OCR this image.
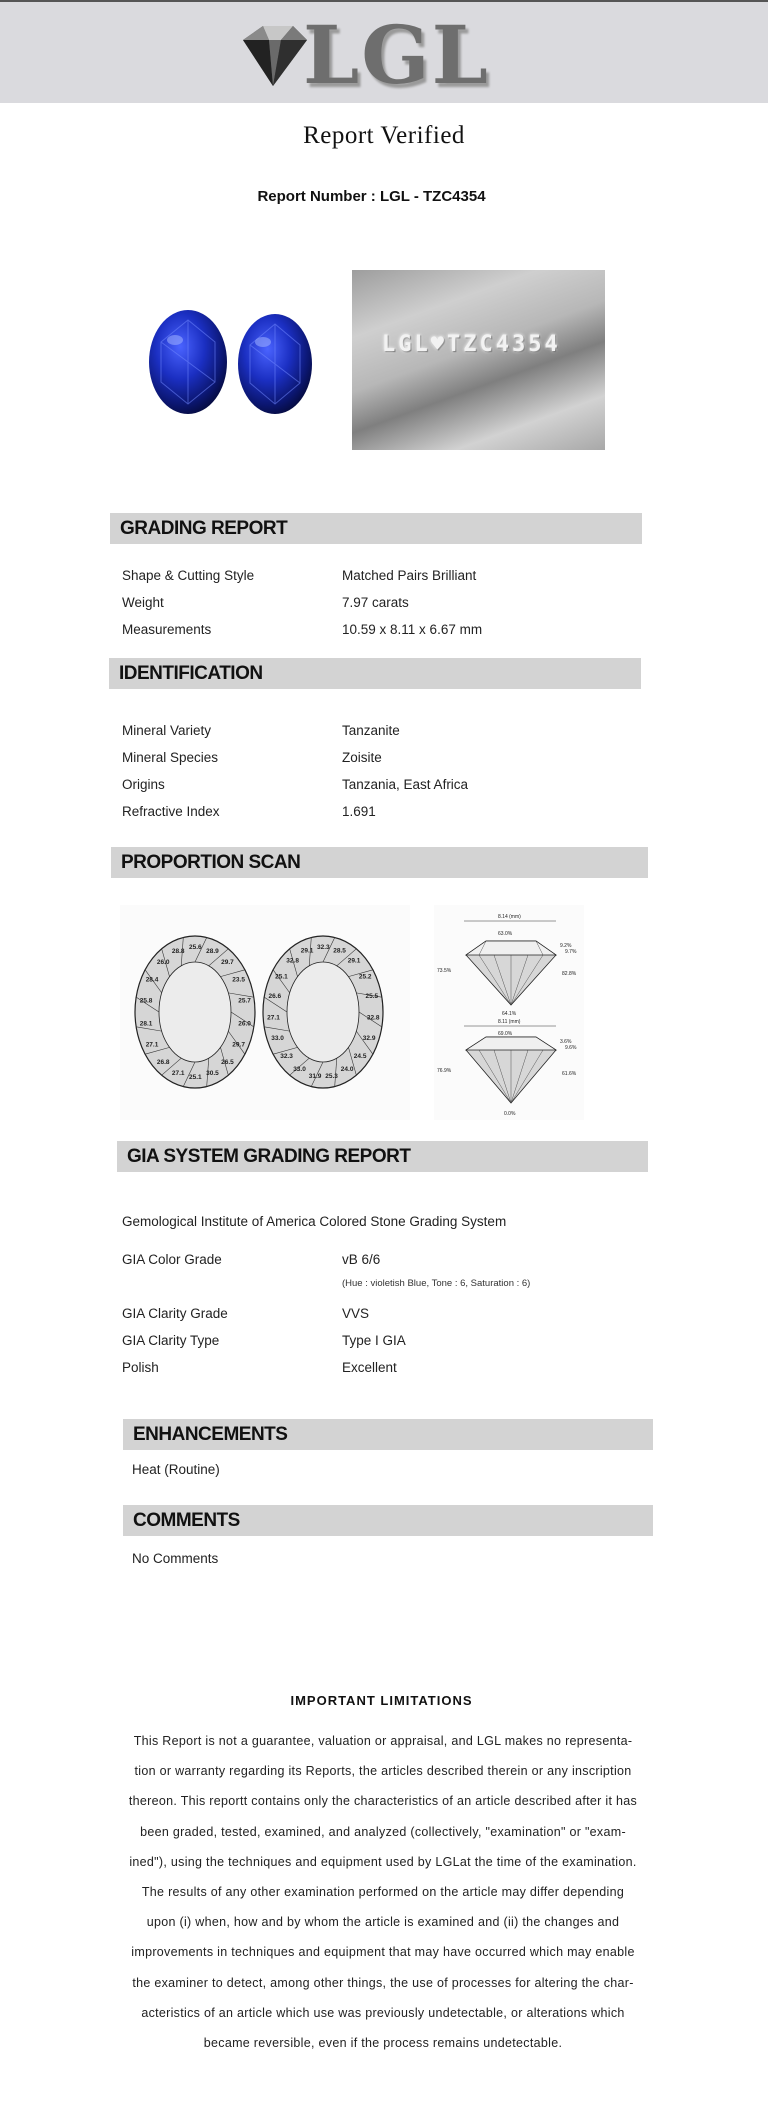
LGL
Report Verified
Report Number : LGL - TZC4354
LGL♥TZC4354
GRADING REPORT
Shape & Cutting Style	Matched Pairs Brilliant
Weight	7.97 carats
Measurements	10.59 x 8.11 x 6.67 mm
IDENTIFICATION
Mineral Variety	Tanzanite
Mineral Species	Zoisite
Origins	Tanzania, East Africa
Refractive Index	1.691
PROPORTION SCAN
25.6
28.9
29.7
23.5
25.7
26.0
29.7
26.5
30.5
25.1
27.1
26.8
27.1
28.1
25.8
28.4
26.0
28.8
32.3
28.5
29.1
25.2
25.5
32.8
32.9
24.5
24.0
25.3
31.9
33.0
32.3
33.0
27.1
26.6
25.1
32.8
29.1
8.14 (mm)
63.0%
9.2%
9.7%
82.8%
73.5%
64.1%
8.11 (mm)
69.0%
3.6%
9.6%
61.6%
76.9%
0.0%
GIA SYSTEM GRADING REPORT
Gemological Institute of America Colored Stone Grading System
GIA Color Grade	vB 6/6
(Hue : violetish Blue, Tone : 6, Saturation : 6)
GIA Clarity Grade	VVS
GIA Clarity Type	Type I GIA
Polish	Excellent
ENHANCEMENTS
Heat (Routine)
COMMENTS
No Comments
IMPORTANT LIMITATIONS
This Report is not a guarantee, valuation or appraisal, and LGL makes no representa-
tion or warranty regarding its Reports, the articles described therein or any inscription
thereon. This reportt contains only the characteristics of an article described after it has
been graded, tested, examined, and analyzed (collectively, "examination" or "exam-
ined"), using the techniques and equipment used by LGLat the time of the examination.
The results of any other examination performed on the article may differ depending
upon (i) when, how and by whom the article is examined and (ii) the changes and
improvements in techniques and equipment that may have occurred which may enable
the examiner to detect, among other things, the use of processes for altering the char-
acteristics of an article which use was previously undetectable, or alterations which
became reversible, even if the process remains undetectable.
